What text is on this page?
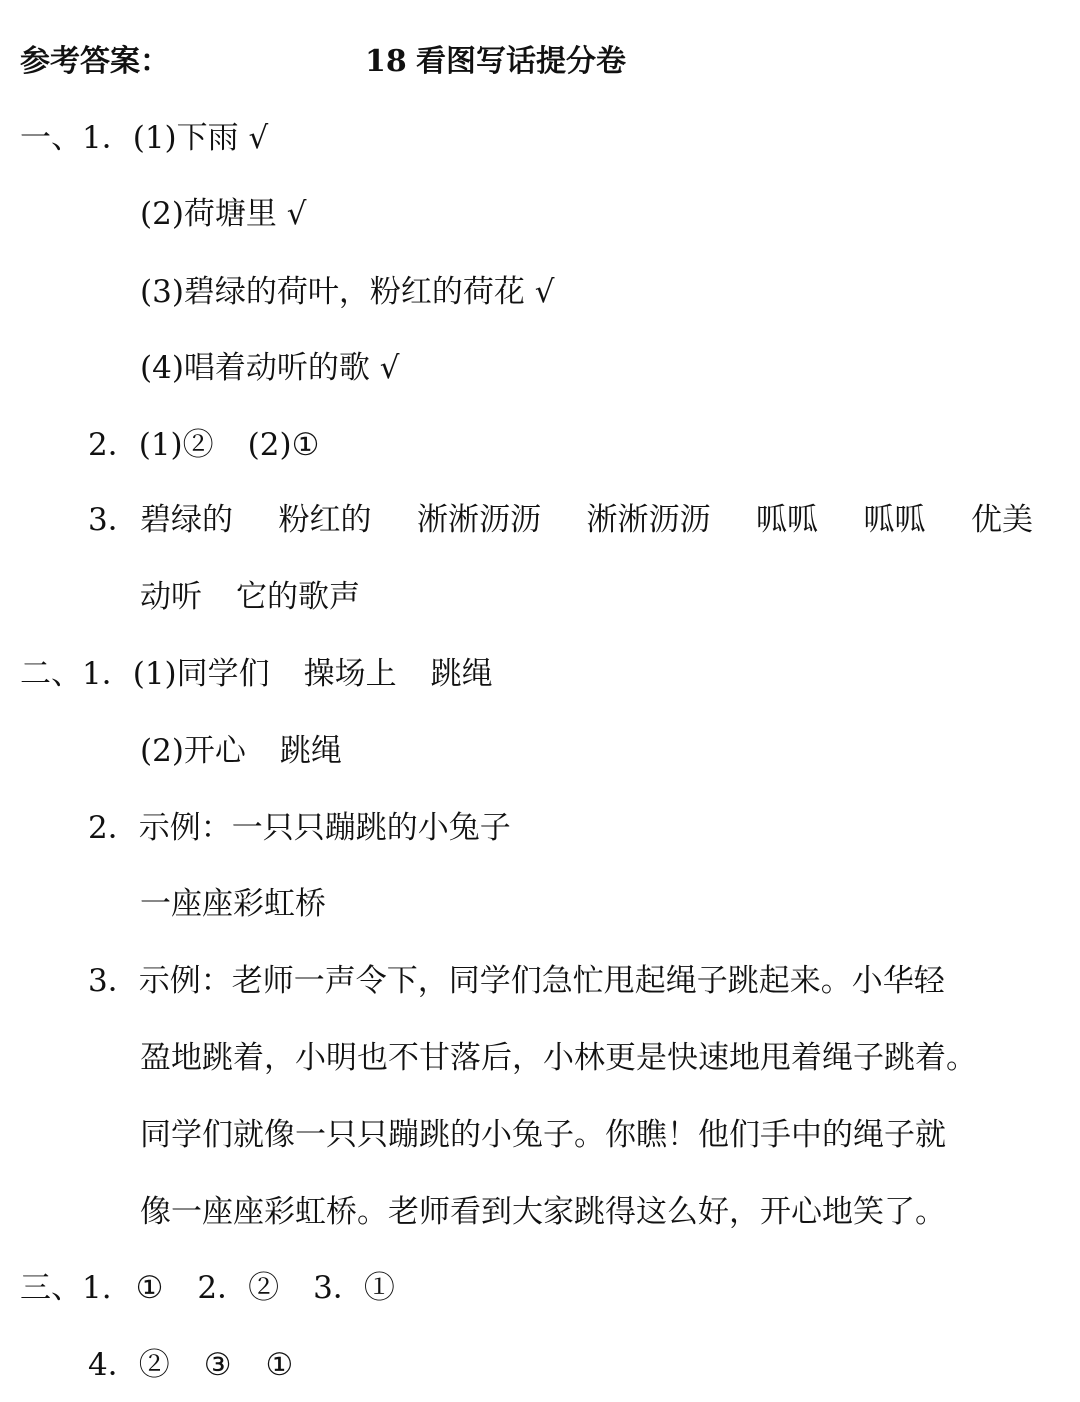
参考答案：	18 看图写话提分卷
一、1．(1)下雨 √
(2)荷塘里 √
(3)碧绿的荷叶，粉红的荷花 √
(4)唱着动听的歌 √
2．(1)② (2)①
3． 碧绿的 粉红的 淅淅沥沥 淅淅沥沥 呱呱 呱呱 优美
动听 它的歌声
二、1．(1)同学们 操场上 跳绳
(2)开心 跳绳
2．示例：一只只蹦跳的小兔子
一座座彩虹桥
3．示例：老师一声令下，同学们急忙甩起绳子跳起来。小华轻
盈地跳着，小明也不甘落后，小林更是快速地甩着绳子跳着。
同学们就像一只只蹦跳的小兔子。你瞧！他们手中的绳子就
像一座座彩虹桥。老师看到大家跳得这么好，开心地笑了。
三、1. ① 2．② 3．①
4．② ③ ①
